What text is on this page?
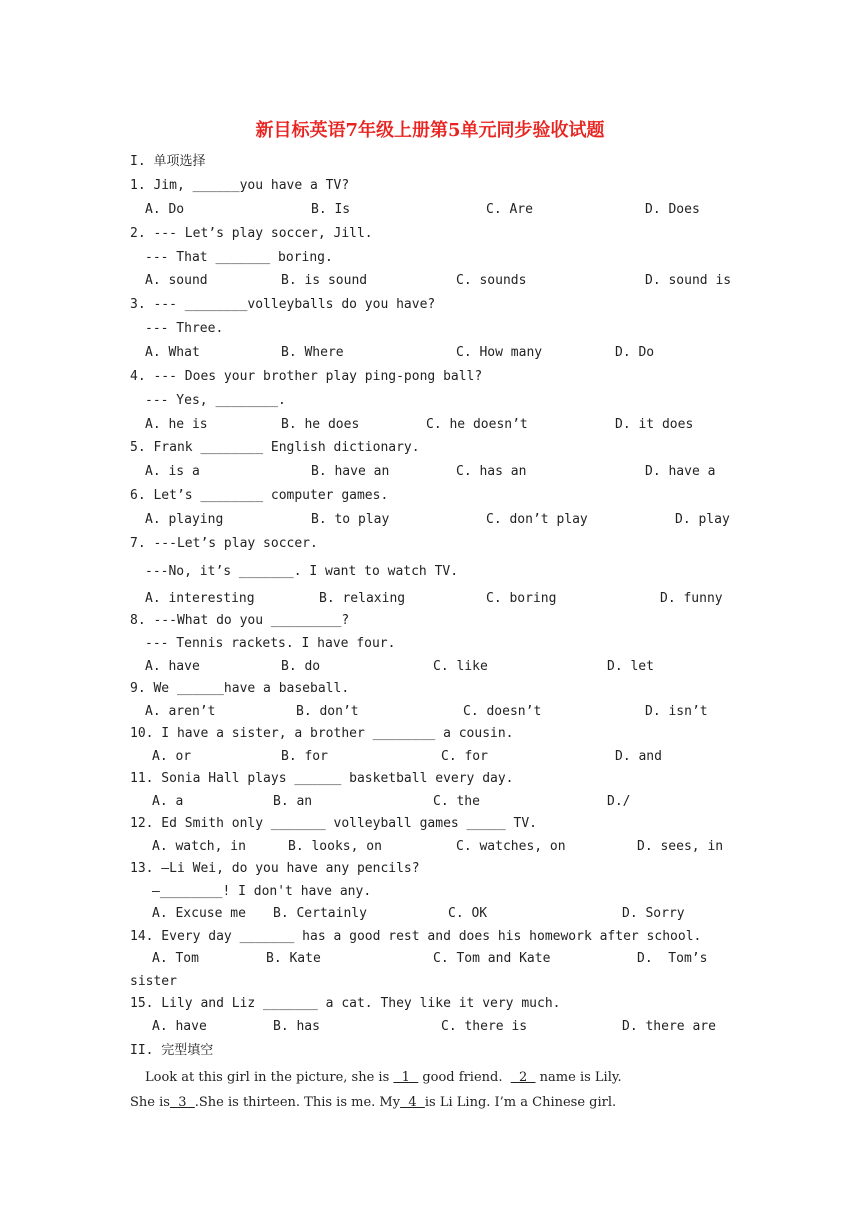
新目标英语7年级上册第5单元同步验收试题
I. 单项选择
1. Jim, ______you have a TV?
A. Do	B. Is	C. Are	D. Does
2. --- Let’s play soccer, Jill.
--- That _______ boring.
A. sound	B. is sound	C. sounds	D. sound is
3. --- ________volleyballs do you have?
--- Three.
A. What	B. Where	C. How many	D. Do
4. --- Does your brother play ping-pong ball?
--- Yes, ________.
A. he is	B. he does	C. he doesn’t	D. it does
5. Frank ________ English dictionary.
A. is a	B. have an	C. has an	D. have a
6. Let’s ________ computer games.
A. playing	B. to play	C. don’t play	D. play
7. ---Let’s play soccer.
---No, it’s _______. I want to watch TV.
A. interesting	B. relaxing	C. boring	D. funny
8. ---What do you _________?
--- Tennis rackets. I have four.
A. have	B. do	C. like	D. let
9. We ______have a baseball.
A. aren’t	B. don’t	C. doesn’t	D. isn’t
10. I have a sister, a brother ________ a cousin.
A. or	B. for	C. for	D. and
11. Sonia Hall plays ______ basketball every day.
A. a	B. an	C. the	D./
12. Ed Smith only _______ volleyball games _____ TV.
A. watch, in	B. looks, on	C. watches, on	D. sees, in
13. —Li Wei, do you have any pencils?
—________! I don't have any.
A. Excuse me B. Certainly	C. OK	D. Sorry
14. Every day _______ has a good rest and does his homework after school.
A. Tom	B. Kate	C. Tom and Kate	D.  Tom’s
sister
15. Lily and Liz _______ a cat. They like it very much.
A. have	B. has	C. there is	D. there are
II. 完型填空
Look at this girl in the picture, she is   1   good friend.    2   name is Lily.
She is  3  .She is thirteen. This is me. My  4  is Li Ling. I’m a Chinese girl.
